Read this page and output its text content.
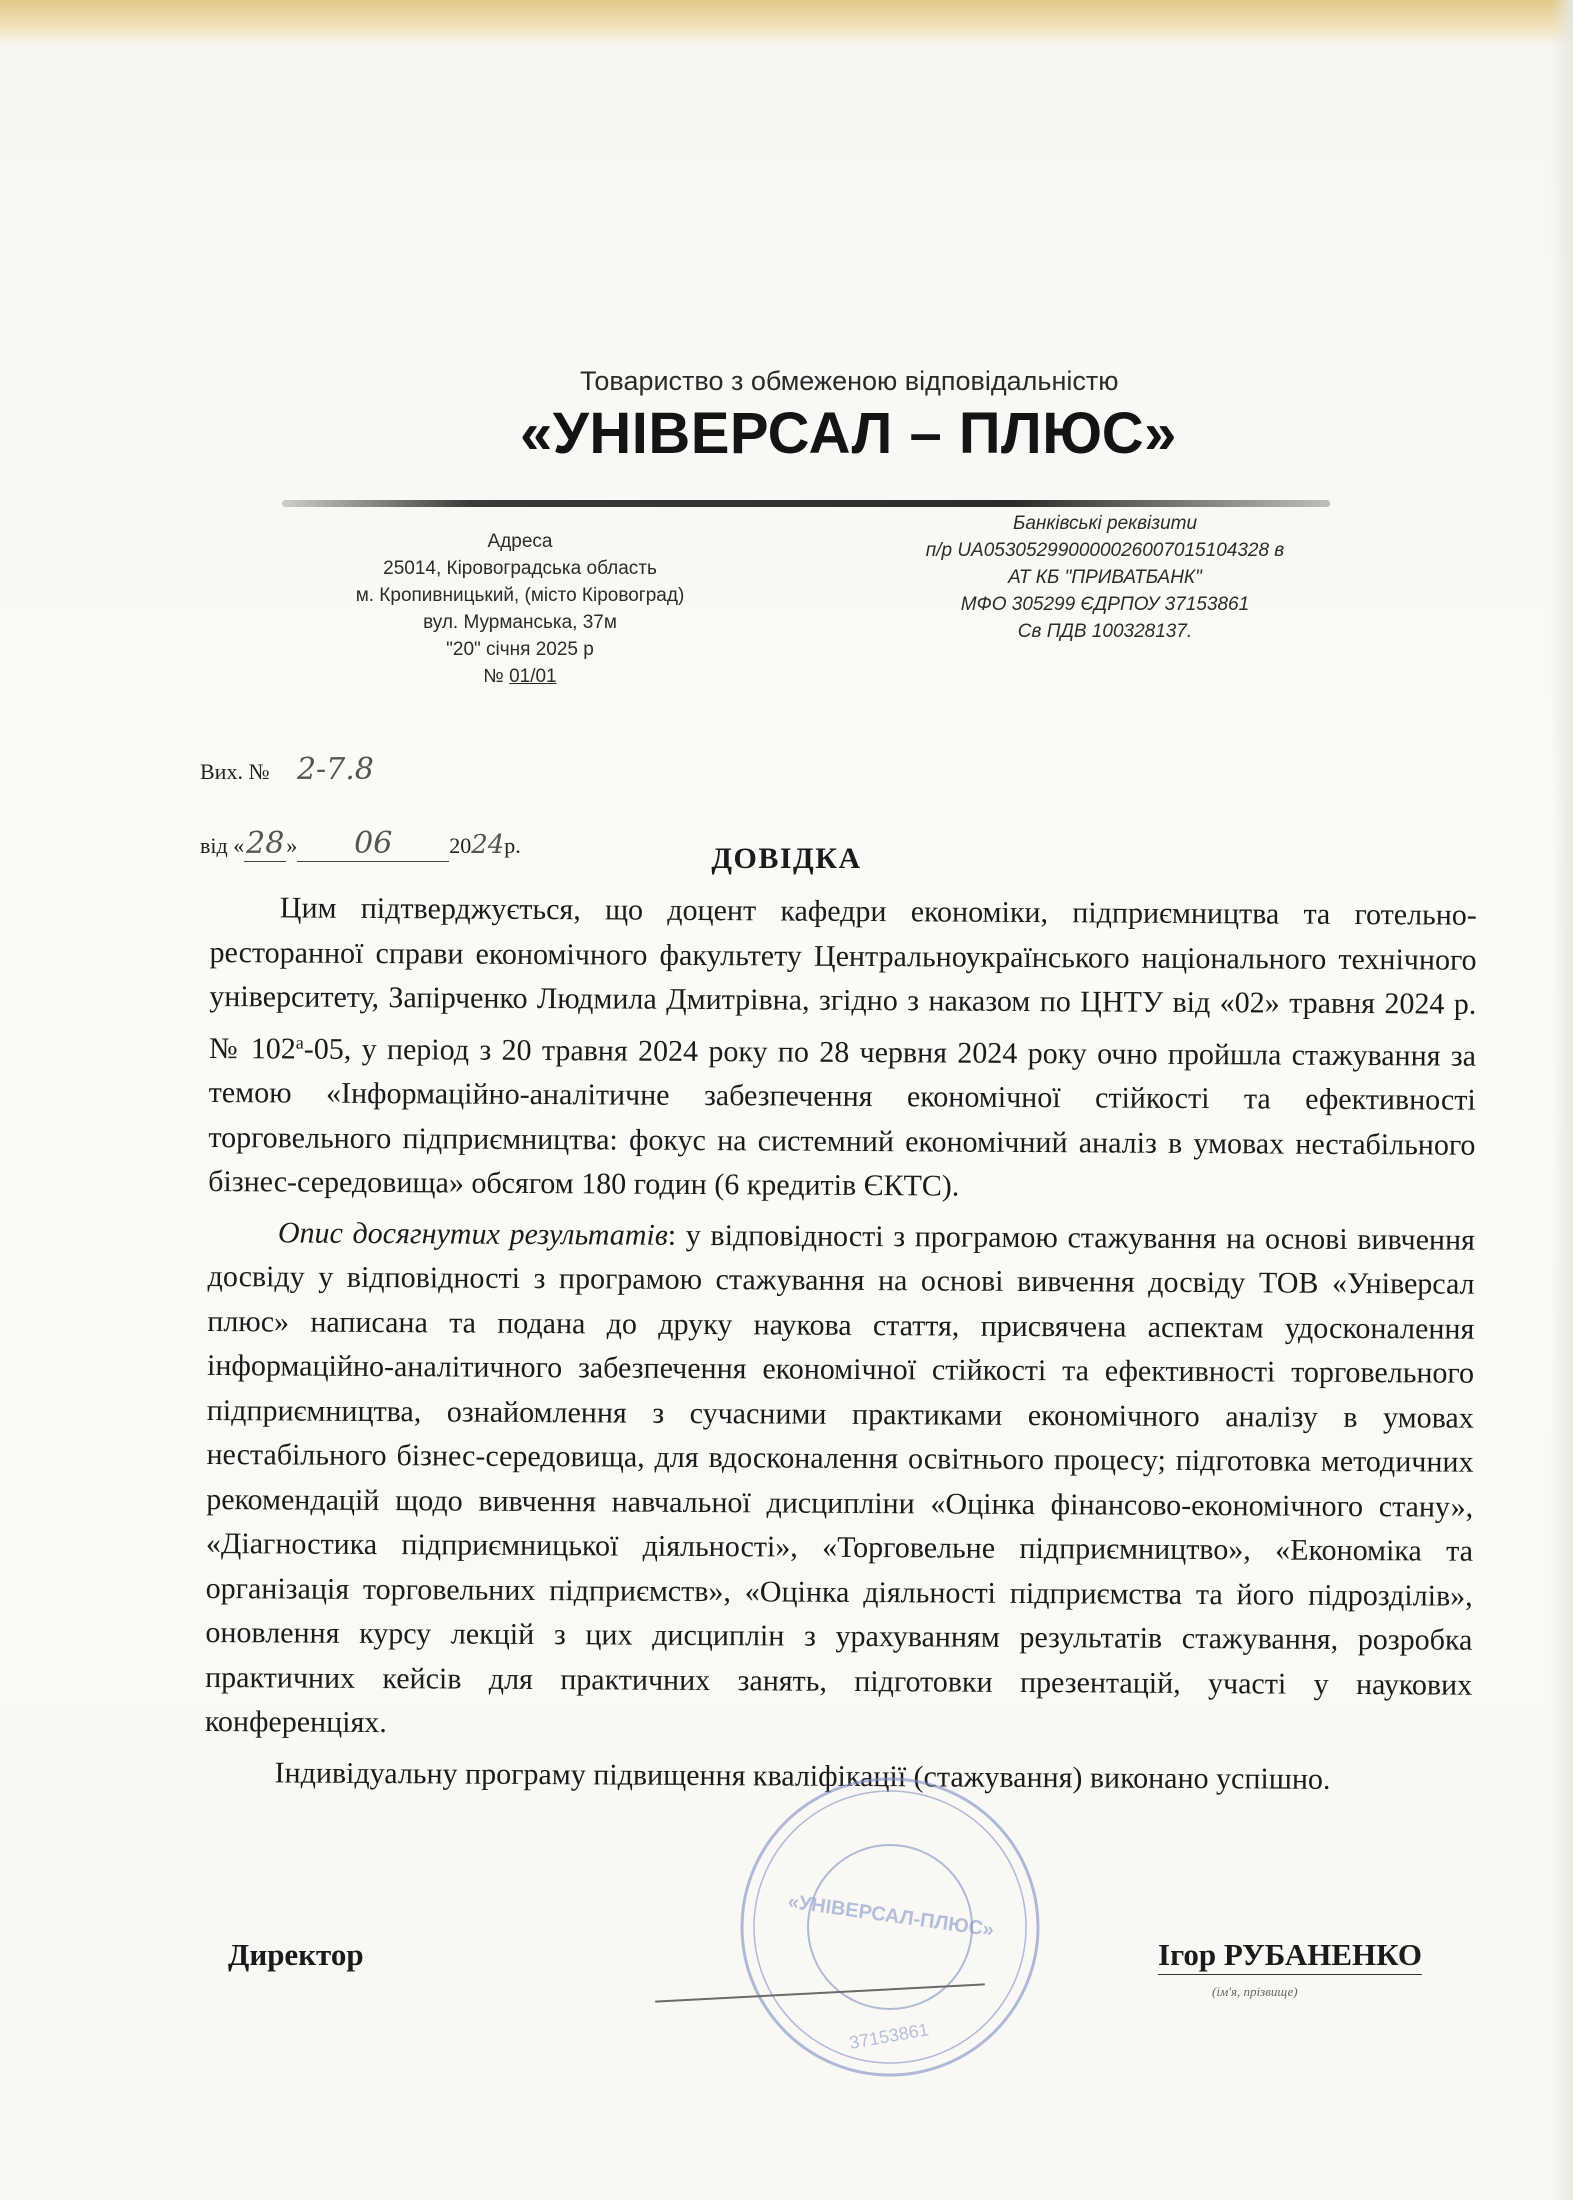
Товариство з обмеженою відповідальністю
«УНІВЕРСАЛ – ПЛЮС»
Адреса
25014, Кіровоградська область
м. Кропивницький, (місто Кіровоград)
вул. Мурманська, 37м
"20" січня 2025 р
№ 01/01
Банківські реквізити
п/р UA053052990000026007015104328 в
АТ КБ "ПРИВАТБАНК"
МФО 305299 ЄДРПОУ 37153861
Св ПДВ 100328137.
Вих. № 2-7.8
від «28» 06	2024р.	ДОВІДКА

Цим підтверджується, що доцент кафедри економіки, підприємництва та готельно-ресторанної справи економічного факультету Центральноукраїнського національного технічного університету, Запірченко Людмила Дмитрівна, згідно з наказом по ЦНТУ від «02» травня 2024 р. № $102^а-05$, у період з 20 травня 2024 року по 28 червня 2024 року очно пройшла стажування за темою «Інформаційно-аналітичне забезпечення економічної стійкості та ефективності торговельного підприємництва: фокус на системний економічний аналіз в умовах нестабільного бізнес-середовища» обсягом 180 годин (6 кредитів ЄКТС).

Опис досягнутих результатів: у відповідності з програмою стажування на основі вивчення досвіду у відповідності з програмою стажування на основі вивчення досвіду ТОВ «Універсал плюс» написана та подана до друку наукова стаття, присвячена аспектам удосконалення інформаційно-аналітичного забезпечення економічної стійкості та ефективності торговельного підприємництва, ознайомлення з сучасними практиками економічного аналізу в умовах нестабільного бізнес-середовища, для вдосконалення освітнього процесу; підготовка методичних рекомендацій щодо вивчення навчальної дисципліни «Оцінка фінансово-економічного стану», «Діагностика підприємницької діяльності», «Торговельне підприємництво», «Економіка та організація торговельних підприємств», «Оцінка діяльності підприємства та його підрозділів», оновлення курсу лекцій з цих дисциплін з урахуванням результатів стажування, розробка практичних кейсів для практичних занять, підготовки презентацій, участі у наукових конференціях.

Індивідуальну програму підвищення кваліфікації (стажування) виконано успішно.

«УНІВЕРСАЛ-ПЛЮС»
37153861
Директор	Ігор РУБАНЕНКО
(ім'я, прізвище)
